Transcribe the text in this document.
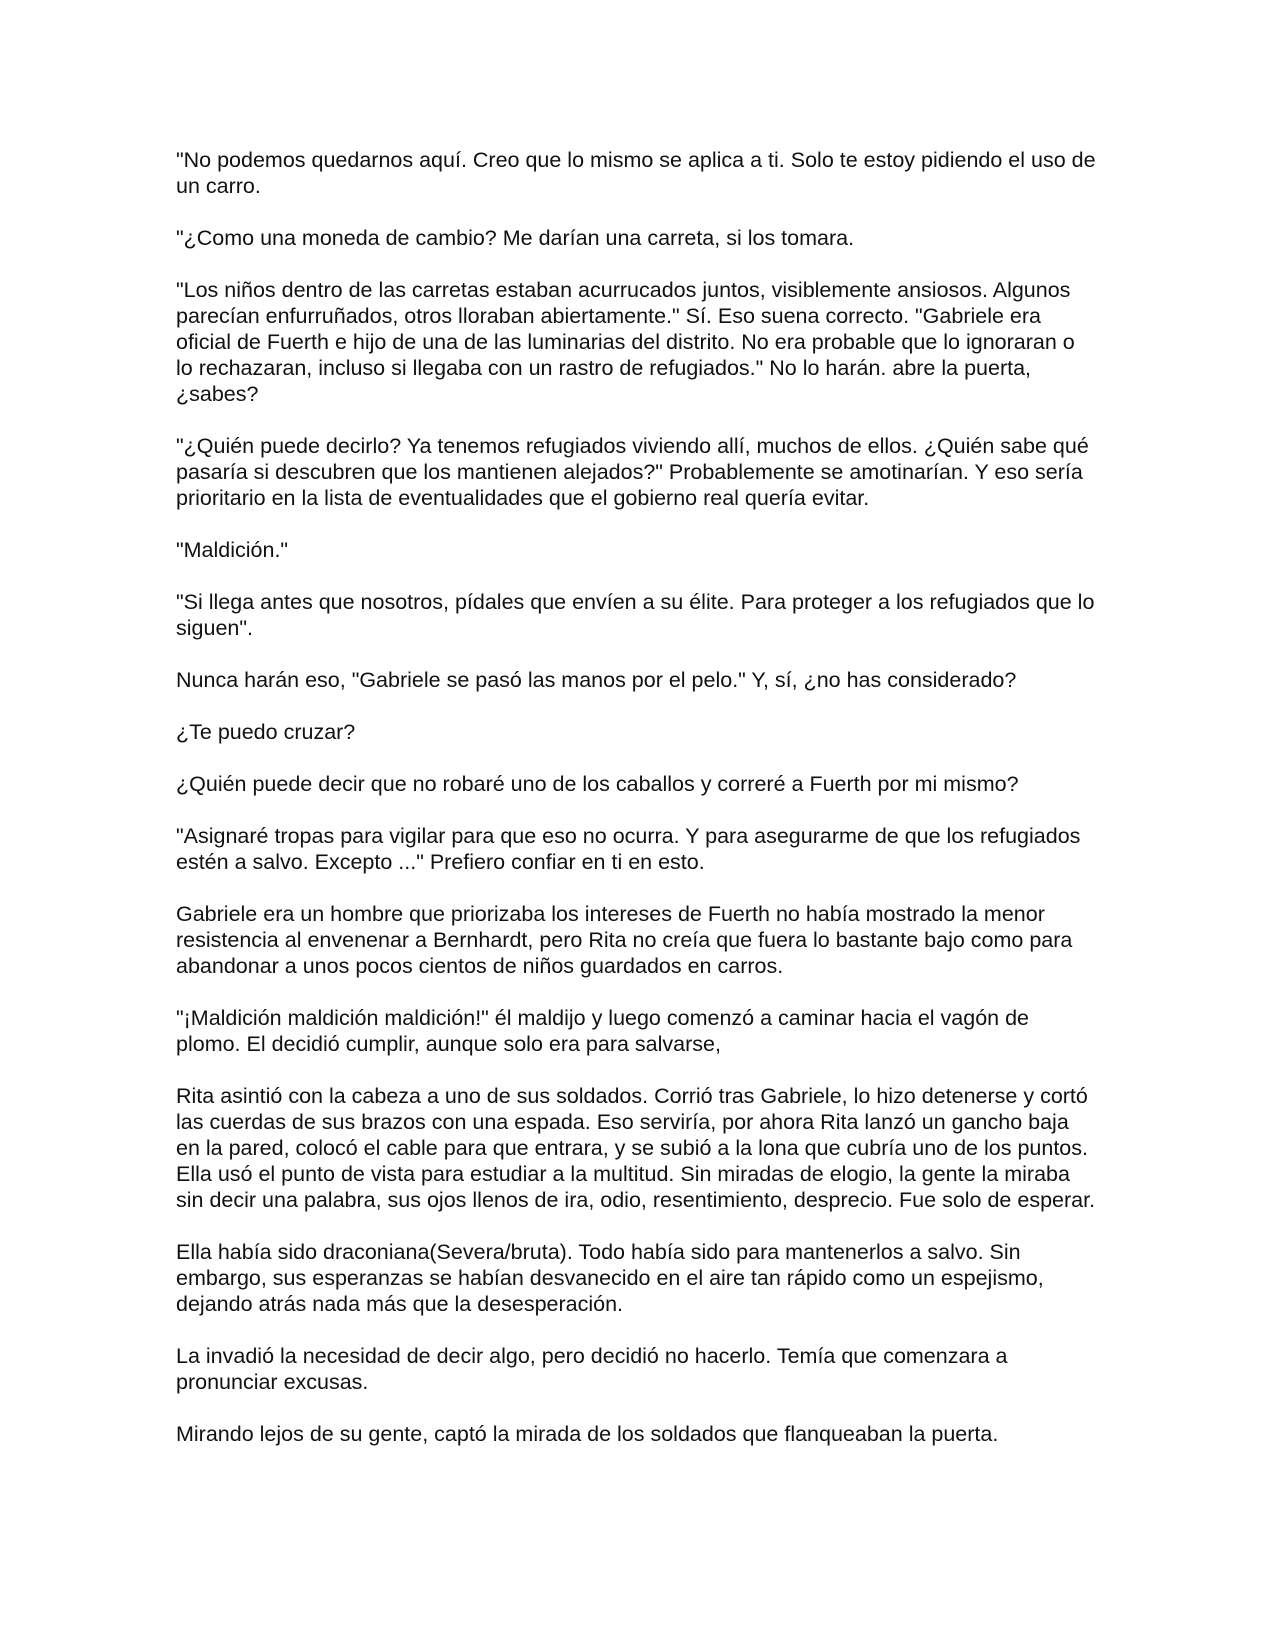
"No podemos quedarnos aquí. Creo que lo mismo se aplica a ti. Solo te estoy pidiendo el uso de un carro.

"¿Como una moneda de cambio? Me darían una carreta, si los tomara.

"Los niños dentro de las carretas estaban acurrucados juntos, visiblemente ansiosos. Algunos parecían enfurruñados, otros lloraban abiertamente." Sí. Eso suena correcto. "Gabriele era oficial de Fuerth e hijo de una de las luminarias del distrito. No era probable que lo ignoraran o lo rechazaran, incluso si llegaba con un rastro de refugiados." No lo harán. abre la puerta, ¿sabes?

"¿Quién puede decirlo? Ya tenemos refugiados viviendo allí, muchos de ellos. ¿Quién sabe qué pasaría si descubren que los mantienen alejados?" Probablemente se amotinarían. Y eso sería prioritario en la lista de eventualidades que el gobierno real quería evitar.

"Maldición."

"Si llega antes que nosotros, pídales que envíen a su élite. Para proteger a los refugiados que lo siguen".

Nunca harán eso, "Gabriele se pasó las manos por el pelo." Y, sí, ¿no has considerado?

¿Te puedo cruzar?

¿Quién puede decir que no robaré uno de los caballos y correré a Fuerth por mi mismo?

"Asignaré tropas para vigilar para que eso no ocurra. Y para asegurarme de que los refugiados estén a salvo. Excepto ..." Prefiero confiar en ti en esto.

Gabriele era un hombre que priorizaba los intereses de Fuerth no había mostrado la menor resistencia al envenenar a Bernhardt, pero Rita no creía que fuera lo bastante bajo como para abandonar a unos pocos cientos de niños guardados en carros.

"¡Maldición maldición maldición!" él maldijo y luego comenzó a caminar hacia el vagón de plomo. El decidió cumplir, aunque solo era para salvarse,

Rita asintió con la cabeza a uno de sus soldados. Corrió tras Gabriele, lo hizo detenerse y cortó las cuerdas de sus brazos con una espada. Eso serviría, por ahora Rita lanzó un gancho baja en la pared, colocó el cable para que entrara, y se subió a la lona que cubría uno de los puntos. Ella usó el punto de vista para estudiar a la multitud. Sin miradas de elogio, la gente la miraba sin decir una palabra, sus ojos llenos de ira, odio, resentimiento, desprecio. Fue solo de esperar.

Ella había sido draconiana(Severa/bruta). Todo había sido para mantenerlos a salvo. Sin embargo, sus esperanzas se habían desvanecido en el aire tan rápido como un espejismo, dejando atrás nada más que la desesperación.

La invadió la necesidad de decir algo, pero decidió no hacerlo. Temía que comenzara a pronunciar excusas.

Mirando lejos de su gente, captó la mirada de los soldados que flanqueaban la puerta.
